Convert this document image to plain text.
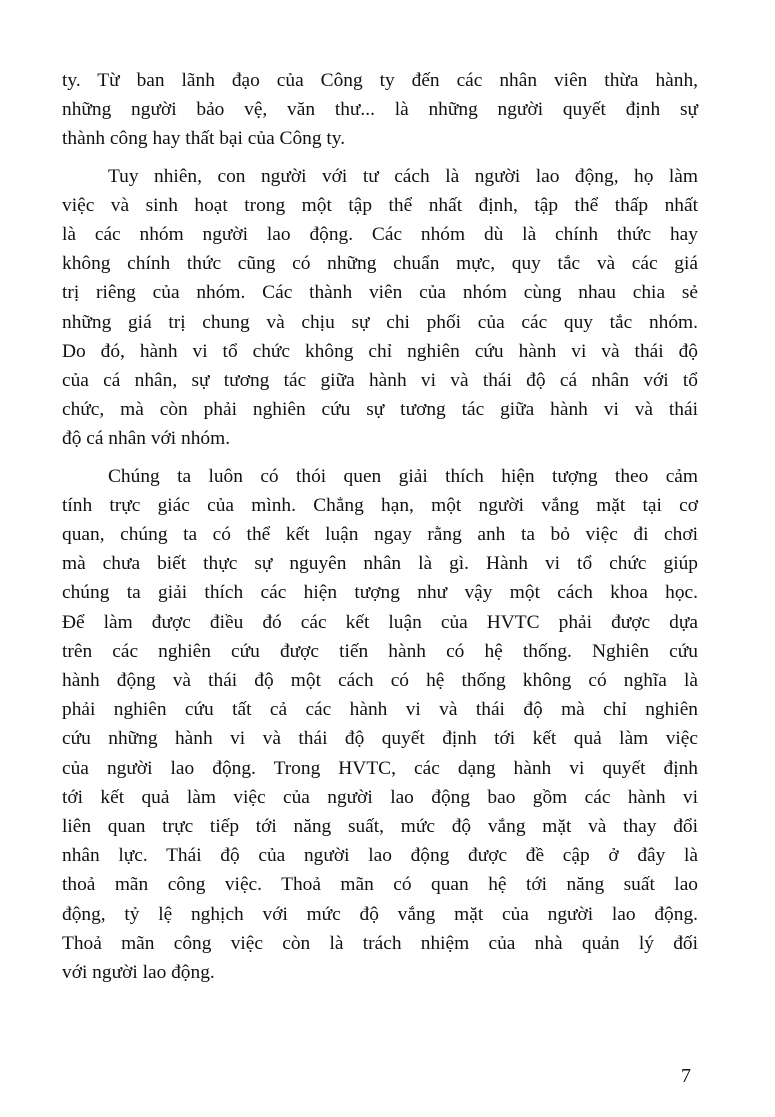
ty. Từ ban lãnh đạo của Công ty đến các nhân viên thừa hành,
những người bảo vệ, văn thư... là những người quyết định sự
thành công hay thất bại của Công ty.

Tuy nhiên, con người với tư cách là người lao động, họ làm
việc và sinh hoạt trong một tập thể nhất định, tập thể thấp nhất
là các nhóm người lao động. Các nhóm dù là chính thức hay
không chính thức cũng có những chuẩn mực, quy tắc và các giá
trị riêng của nhóm. Các thành viên của nhóm cùng nhau chia sẻ
những giá trị chung và chịu sự chi phối của các quy tắc nhóm.
Do đó, hành vi tổ chức không chỉ nghiên cứu hành vi và thái độ
của cá nhân, sự tương tác giữa hành vi và thái độ cá nhân với tổ
chức, mà còn phải nghiên cứu sự tương tác giữa hành vi và thái
độ cá nhân với nhóm.

Chúng ta luôn có thói quen giải thích hiện tượng theo cảm
tính trực giác của mình. Chẳng hạn, một người vắng mặt tại cơ
quan, chúng ta có thể kết luận ngay rằng anh ta bỏ việc đi chơi
mà chưa biết thực sự nguyên nhân là gì. Hành vi tổ chức giúp
chúng ta giải thích các hiện tượng như vậy một cách khoa học.
Để làm được điều đó các kết luận của HVTC phải được dựa
trên các nghiên cứu được tiến hành có hệ thống. Nghiên cứu
hành động và thái độ một cách có hệ thống không có nghĩa là
phải nghiên cứu tất cả các hành vi và thái độ mà chỉ nghiên
cứu những hành vi và thái độ quyết định tới kết quả làm việc
của người lao động. Trong HVTC, các dạng hành vi quyết định
tới kết quả làm việc của người lao động bao gồm các hành vi
liên quan trực tiếp tới năng suất, mức độ vắng mặt và thay đổi
nhân lực. Thái độ của người lao động được đề cập ở đây là
thoả mãn công việc. Thoả mãn có quan hệ tới năng suất lao
động, tỷ lệ nghịch với mức độ vắng mặt của người lao động.
Thoả mãn công việc còn là trách nhiệm của nhà quản lý đối
với người lao động.

7
